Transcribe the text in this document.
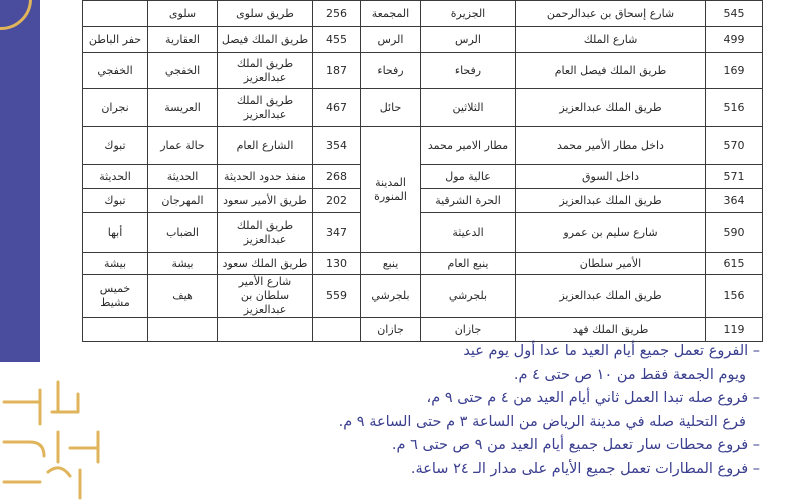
545	شارع إسحاق بن عبدالرحمن	الجزيرة	المجمعة	256	طريق سلوى	سلوى	
499	شارع الملك	الرس	الرس	455	طريق الملك فيصل	العقارية	حفر الباطن
169	طريق الملك فيصل العام	رفحاء	رفحاء	187	طريق الملك عبدالعزيز	الخفجي	الخفجي
516	طريق الملك عبدالعزيز	الثلاثين	حائل	467	طريق الملك عبدالعزيز	العريسة	نجران
570	داخل مطار الأمير محمد	مطار الامير محمد	المدينة المنورة	354	الشارع العام	حالة عمار	تبوك
571	داخل السوق	عالية مول		268	منفذ حدود الحديثة	الحديثة	الحديثة
364	طريق الملك عبدالعزيز	الحرة الشرقية		202	طريق الأمير سعود	المهرجان	تبوك
590	شارع سليم بن عمرو	الدعيثة		347	طريق الملك عبدالعزيز	الضباب	أبها
615	الأمير سلطان	ينبع العام	ينبع	130	طريق الملك سعود	بيشة	بيشة
156	طريق الملك عبدالعزيز	بلجرشي	بلجرشي	559	شارع الأمير سلطان بن عبدالعزيز	هيف	خميس مشيط
119	طريق الملك فهد	جازان	جازان				
– الفروع تعمل جميع أيام العيد ما عدا أول يوم عيد
ويوم الجمعة فقط من ١٠ ص حتى ٤ م.
– فروع صله تبدا العمل ثاني أيام العيد من ٤ م حتى ٩ م،
فرع التحلية صله في مدينة الرياض من الساعة ٣ م حتى الساعة ٩ م.
– فروع محطات سار تعمل جميع أيام العيد من ٩ ص حتى ٦ م.
– فروع المطارات تعمل جميع الأيام على مدار الـ ٢٤ ساعة.
